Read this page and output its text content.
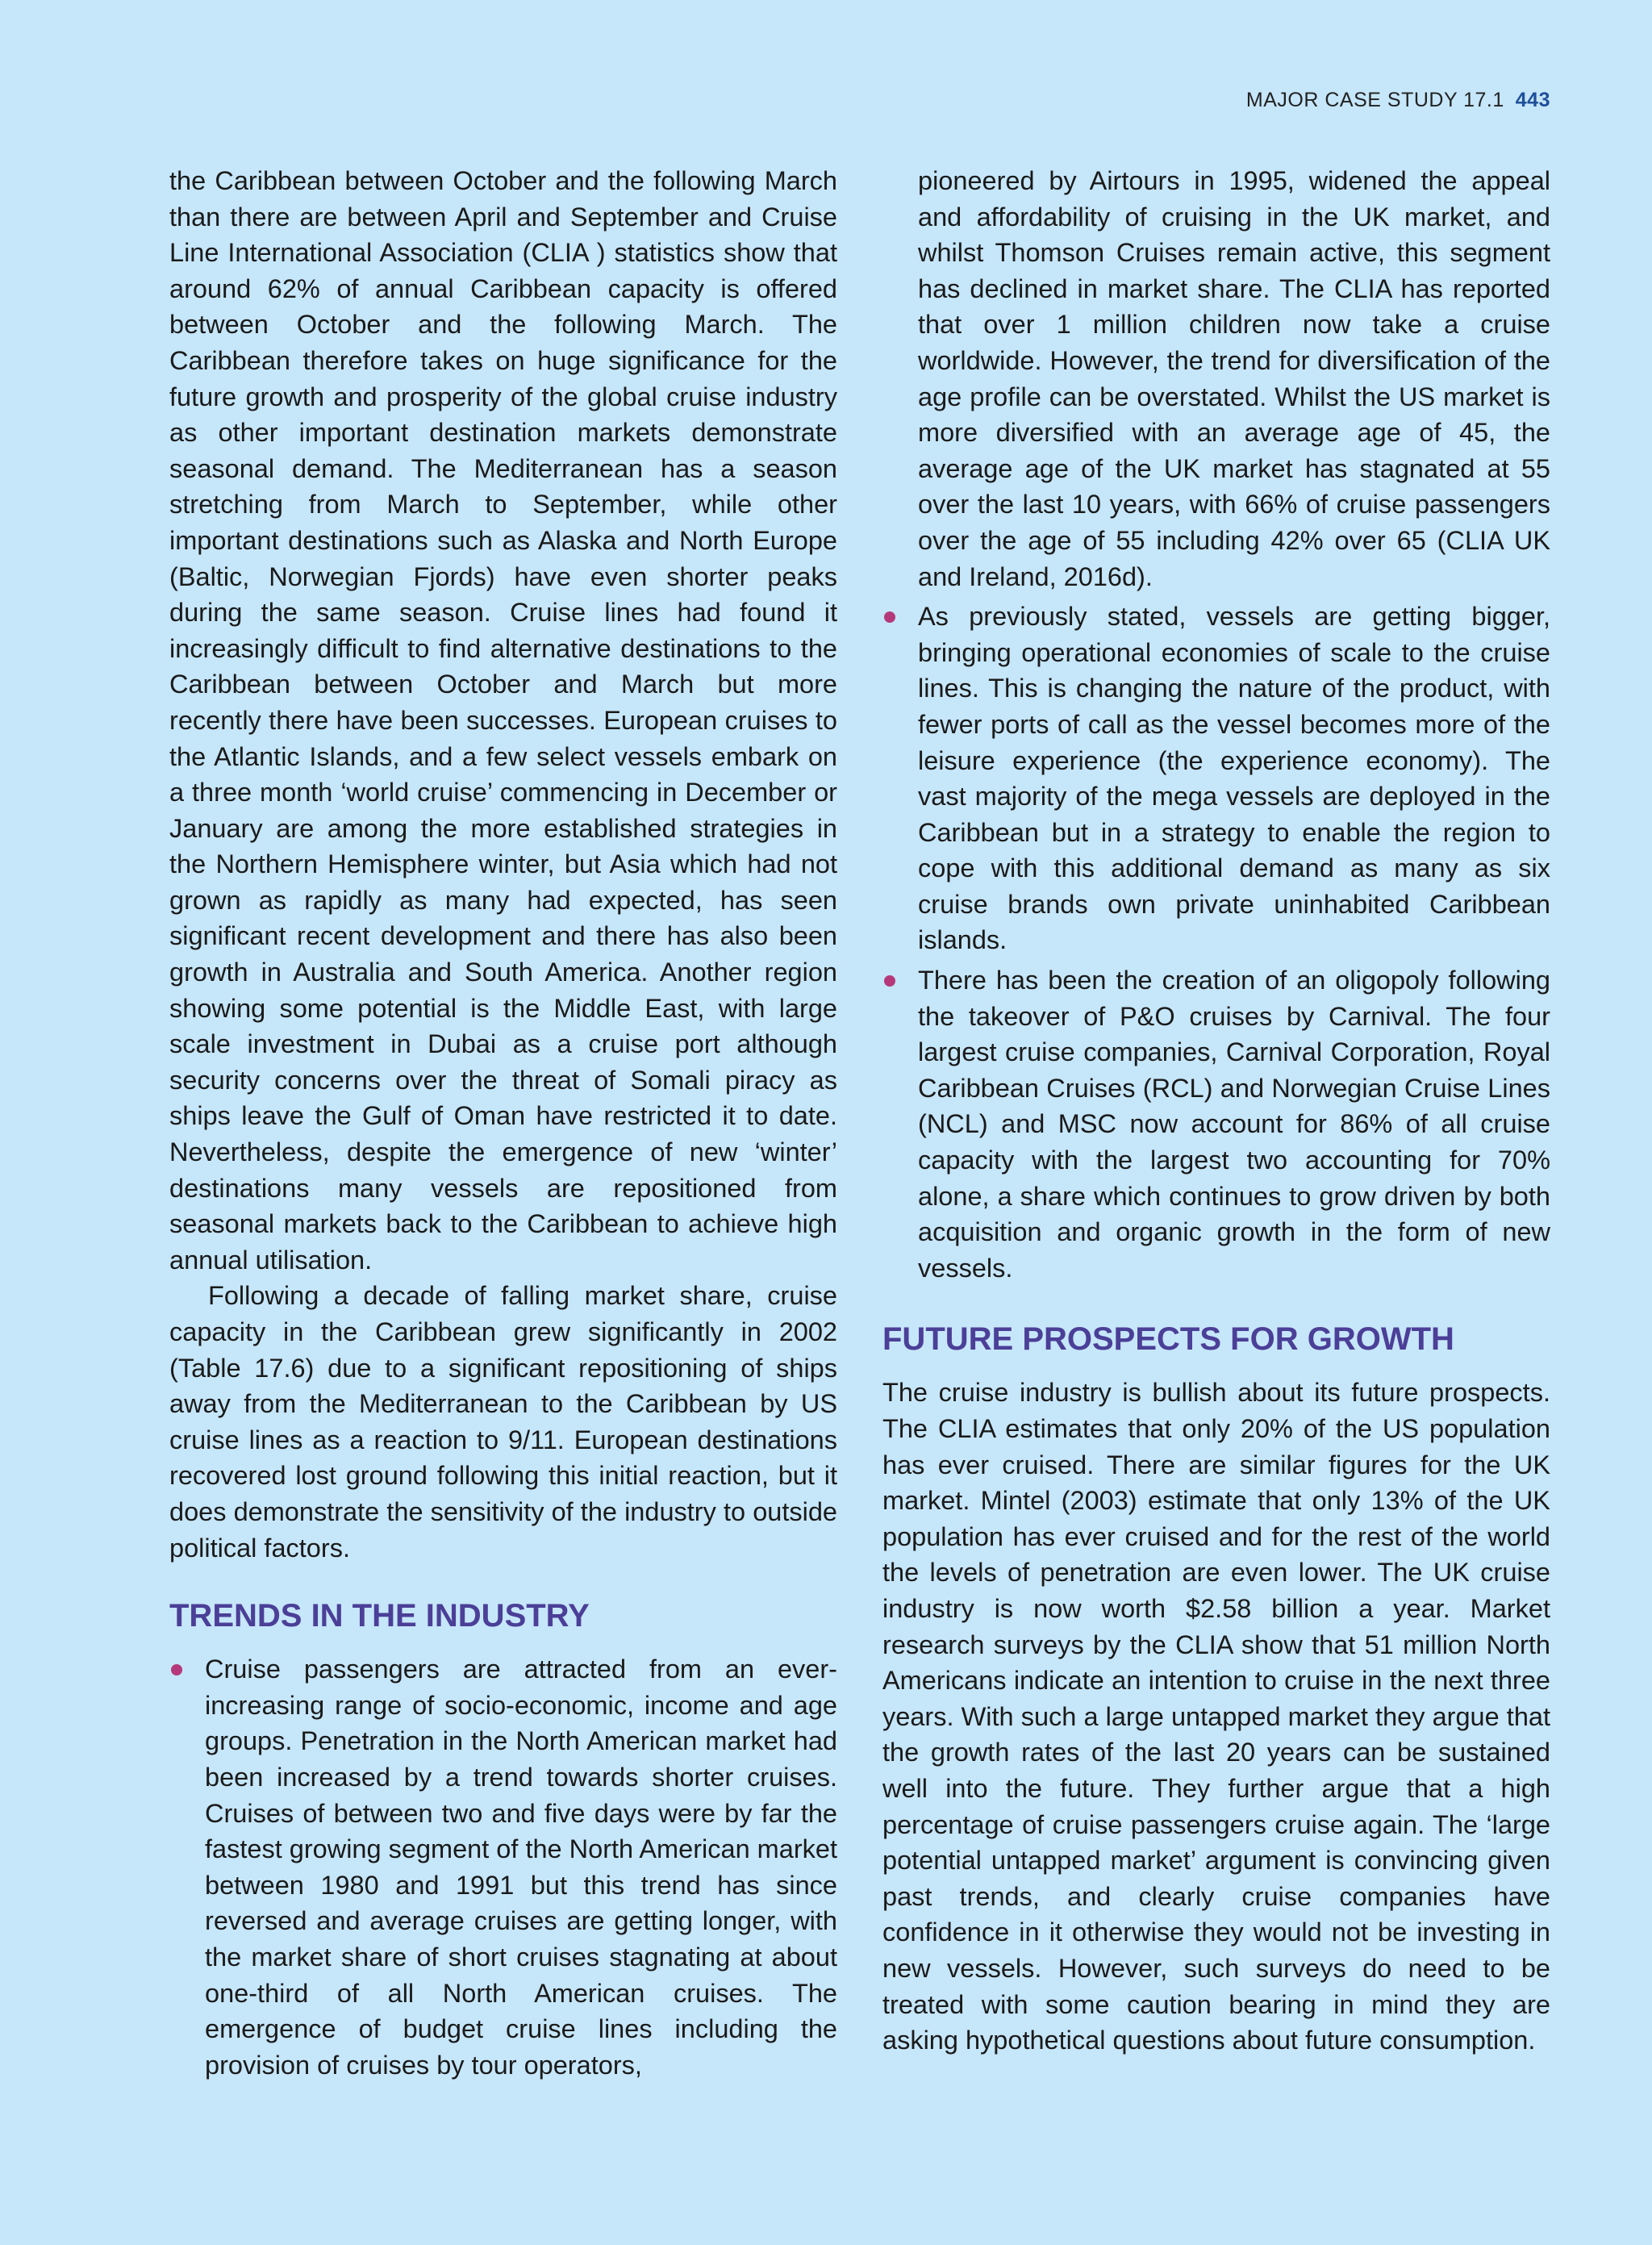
MAJOR CASE STUDY 17.1 443

the Caribbean between October and the following March than there are between April and September and Cruise Line International Association (CLIA ) statistics show that around 62% of annual Caribbean capacity is offered between October and the following March. The Caribbean therefore takes on huge significance for the future growth and prosperity of the global cruise industry as other important destination markets demonstrate seasonal demand. The Mediterranean has a season stretching from March to September, while other important destinations such as Alaska and North Europe (Baltic, Norwegian Fjords) have even shorter peaks during the same season. Cruise lines had found it increasingly difficult to find alternative destinations to the Caribbean between October and March but more recently there have been successes. European cruises to the Atlantic Islands, and a few select vessels embark on a three month ‘world cruise’ commencing in December or January are among the more established strategies in the Northern Hemisphere winter, but Asia which had not grown as rapidly as many had expected, has seen significant recent development and there has also been growth in Australia and South America. Another region showing some potential is the Middle East, with large scale investment in Dubai as a cruise port although security concerns over the threat of Somali piracy as ships leave the Gulf of Oman have restricted it to date. Nevertheless, despite the emergence of new ‘winter’ destinations many vessels are repositioned from seasonal markets back to the Caribbean to achieve high annual utilisation.

Following a decade of falling market share, cruise capacity in the Caribbean grew significantly in 2002 (Table 17.6) due to a significant repositioning of ships away from the Mediterranean to the Caribbean by US cruise lines as a reaction to 9/11. European destinations recovered lost ground following this initial reaction, but it does demonstrate the sensitivity of the industry to outside political factors.

TRENDS IN THE INDUSTRY
Cruise passengers are attracted from an ever-increasing range of socio-economic, income and age groups. Penetration in the North American market had been increased by a trend towards shorter cruises. Cruises of between two and five days were by far the fastest growing segment of the North American market between 1980 and 1991 but this trend has since reversed and average cruises are getting longer, with the market share of short cruises stagnating at about one-third of all North American cruises. The emergence of budget cruise lines including the provision of cruises by tour operators,
pioneered by Airtours in 1995, widened the appeal and affordability of cruising in the UK market, and whilst Thomson Cruises remain active, this segment has declined in market share. The CLIA has reported that over 1 million children now take a cruise worldwide. However, the trend for diversification of the age profile can be overstated. Whilst the US market is more diversified with an average age of 45, the average age of the UK market has stagnated at 55 over the last 10 years, with 66% of cruise passengers over the age of 55 including 42% over 65 (CLIA UK and Ireland, 2016d).
As previously stated, vessels are getting bigger, bringing operational economies of scale to the cruise lines. This is changing the nature of the product, with fewer ports of call as the vessel becomes more of the leisure experience (the experience economy). The vast majority of the mega vessels are deployed in the Caribbean but in a strategy to enable the region to cope with this additional demand as many as six cruise brands own private uninhabited Caribbean islands.
There has been the creation of an oligopoly following the takeover of P&O cruises by Carnival. The four largest cruise companies, Carnival Corporation, Royal Caribbean Cruises (RCL) and Norwegian Cruise Lines (NCL) and MSC now account for 86% of all cruise capacity with the largest two accounting for 70% alone, a share which continues to grow driven by both acquisition and organic growth in the form of new vessels.
FUTURE PROSPECTS FOR GROWTH

The cruise industry is bullish about its future prospects. The CLIA estimates that only 20% of the US population has ever cruised. There are similar figures for the UK market. Mintel (2003) estimate that only 13% of the UK population has ever cruised and for the rest of the world the levels of penetration are even lower. The UK cruise industry is now worth $2.58 billion a year. Market research surveys by the CLIA show that 51 million North Americans indicate an intention to cruise in the next three years. With such a large untapped market they argue that the growth rates of the last 20 years can be sustained well into the future. They further argue that a high percentage of cruise passengers cruise again. The ‘large potential untapped market’ argument is convincing given past trends, and clearly cruise companies have confidence in it otherwise they would not be investing in new vessels. However, such surveys do need to be treated with some caution bearing in mind they are asking hypothetical questions about future consumption.
